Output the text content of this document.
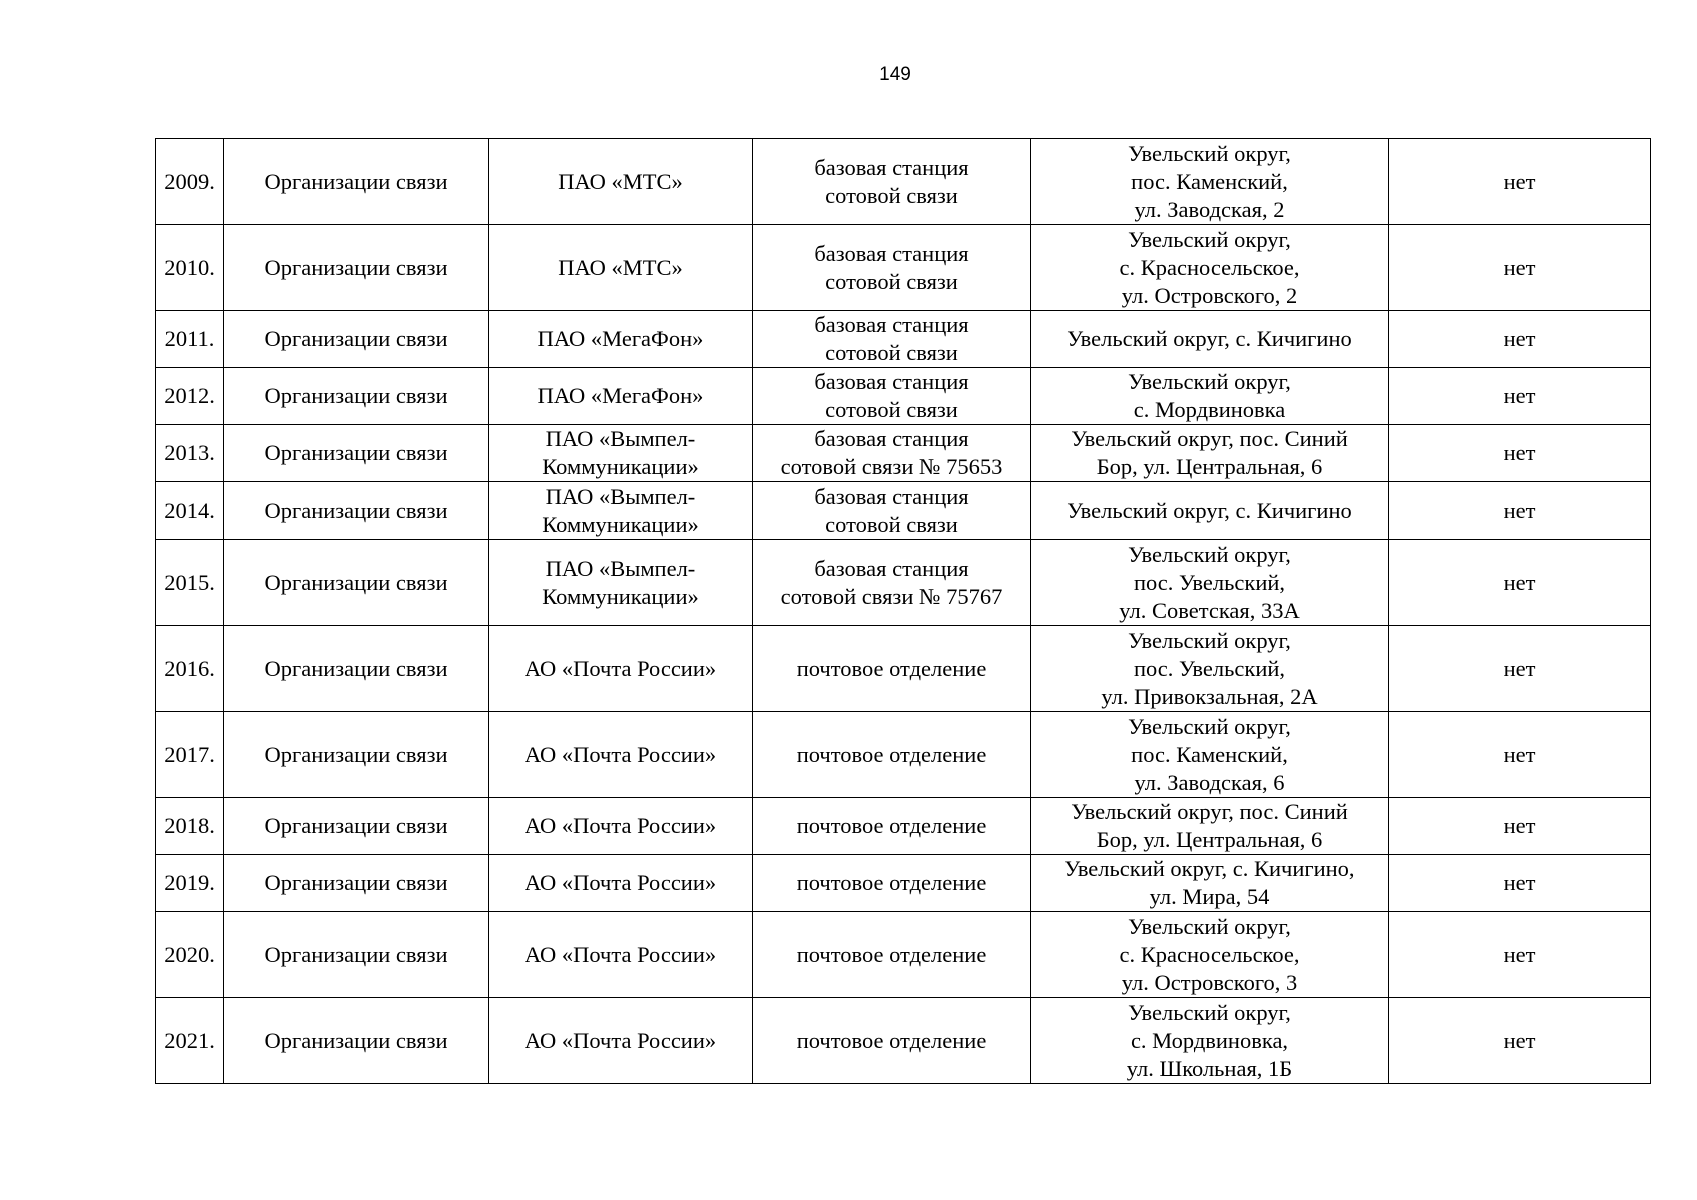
149
2009.	Организации связи	ПАО «МТС»	базовая станция
сотовой связи	Увельский округ,
пос. Каменский,
ул. Заводская, 2	нет
2010.	Организации связи	ПАО «МТС»	базовая станция
сотовой связи	Увельский округ,
с. Красносельское,
ул. Островского, 2	нет
2011.	Организации связи	ПАО «МегаФон»	базовая станция
сотовой связи	Увельский округ, с. Кичигино	нет
2012.	Организации связи	ПАО «МегаФон»	базовая станция
сотовой связи	Увельский округ,
с. Мордвиновка	нет
2013.	Организации связи	ПАО «Вымпел-
Коммуникации»	базовая станция
сотовой связи № 75653	Увельский округ, пос. Синий
Бор, ул. Центральная, 6	нет
2014.	Организации связи	ПАО «Вымпел-
Коммуникации»	базовая станция
сотовой связи	Увельский округ, с. Кичигино	нет
2015.	Организации связи	ПАО «Вымпел-
Коммуникации»	базовая станция
сотовой связи № 75767	Увельский округ,
пос. Увельский,
ул. Советская, 33А	нет
2016.	Организации связи	АО «Почта России»	почтовое отделение	Увельский округ,
пос. Увельский,
ул. Привокзальная, 2А	нет
2017.	Организации связи	АО «Почта России»	почтовое отделение	Увельский округ,
пос. Каменский,
ул. Заводская, 6	нет
2018.	Организации связи	АО «Почта России»	почтовое отделение	Увельский округ, пос. Синий
Бор, ул. Центральная, 6	нет
2019.	Организации связи	АО «Почта России»	почтовое отделение	Увельский округ, с. Кичигино,
ул. Мира, 54	нет
2020.	Организации связи	АО «Почта России»	почтовое отделение	Увельский округ,
с. Красносельское,
ул. Островского, 3	нет
2021.	Организации связи	АО «Почта России»	почтовое отделение	Увельский округ,
с. Мордвиновка,
ул. Школьная, 1Б	нет
